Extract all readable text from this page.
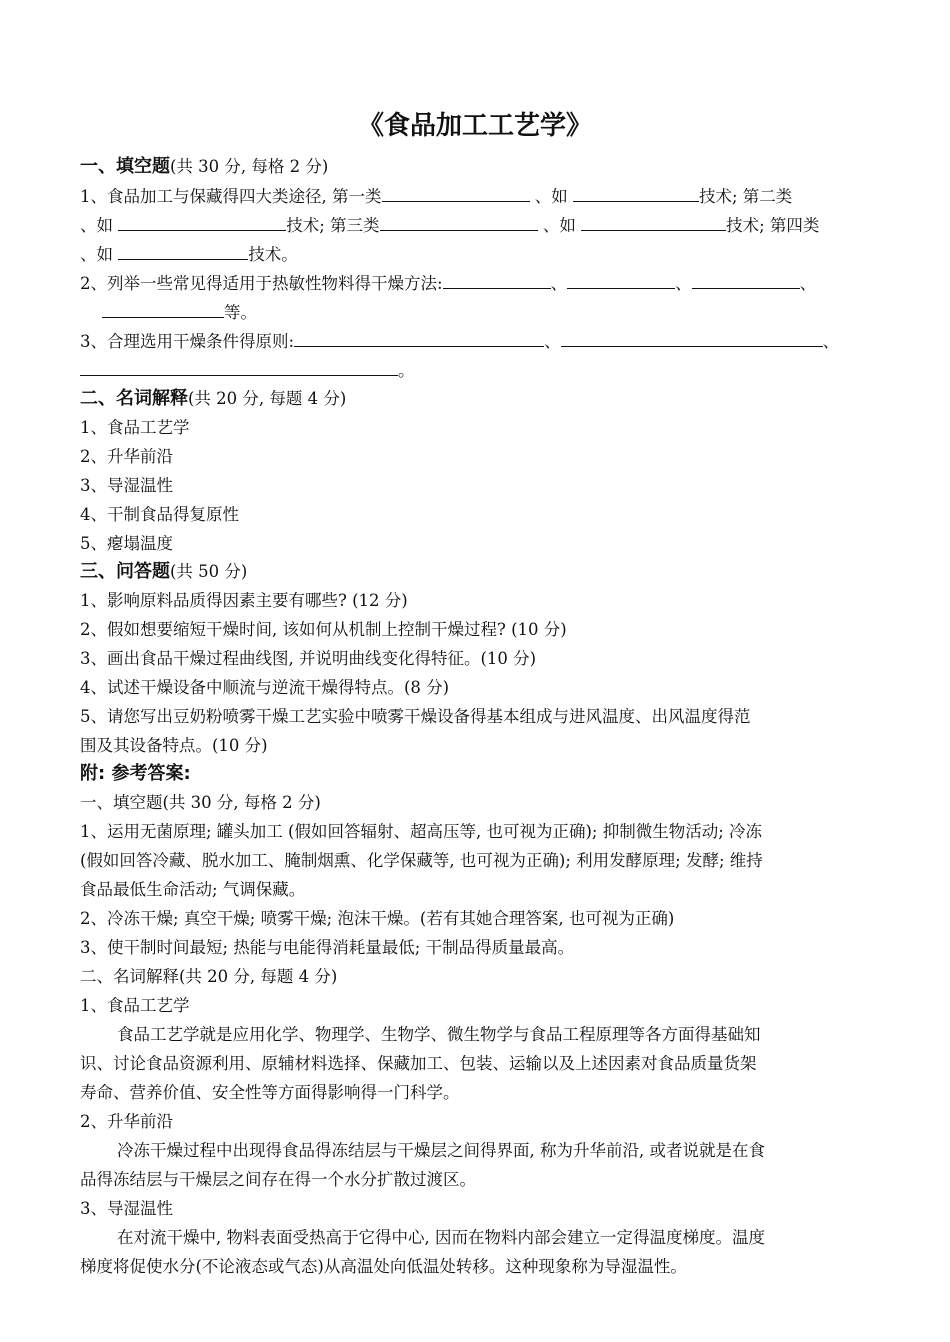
《食品加工工艺学》
一、填空题(共 30 分, 每格 2 分)
1、食品加工与保藏得四大类途径, 第一类	、如	技术; 第二类
、如	技术; 第三类	、如	技术; 第四类
、如	技术。
2、列举一些常见得适用于热敏性物料得干燥方法:	、	、	、
等。
3、合理选用干燥条件得原则:	、	、
。
二、名词解释(共 20 分, 每题 4 分)
1、食品工艺学
2、升华前沿
3、导湿温性
4、干制食品得复原性
5、瘪塌温度
三、问答题(共 50 分)
1、影响原料品质得因素主要有哪些? (12 分)
2、假如想要缩短干燥时间, 该如何从机制上控制干燥过程? (10 分)
3、画出食品干燥过程曲线图, 并说明曲线变化得特征。(10 分)
4、试述干燥设备中顺流与逆流干燥得特点。(8 分)
5、请您写出豆奶粉喷雾干燥工艺实验中喷雾干燥设备得基本组成与进风温度、出风温度得范
围及其设备特点。(10 分)
附: 参考答案:
一、填空题(共 30 分, 每格 2 分)
1、运用无菌原理; 罐头加工 (假如回答辐射、超高压等, 也可视为正确); 抑制微生物活动; 冷冻
(假如回答冷藏、脱水加工、腌制烟熏、化学保藏等, 也可视为正确); 利用发酵原理; 发酵; 维持
食品最低生命活动; 气调保藏。
2、冷冻干燥; 真空干燥; 喷雾干燥; 泡沫干燥。(若有其她合理答案, 也可视为正确)
3、使干制时间最短; 热能与电能得消耗量最低; 干制品得质量最高。
二、名词解释(共 20 分, 每题 4 分)
1、食品工艺学
食品工艺学就是应用化学、物理学、生物学、微生物学与食品工程原理等各方面得基础知
识、讨论食品资源利用、原辅材料选择、保藏加工、包装、运输以及上述因素对食品质量货架
寿命、营养价值、安全性等方面得影响得一门科学。
2、升华前沿
冷冻干燥过程中出现得食品得冻结层与干燥层之间得界面, 称为升华前沿, 或者说就是在食
品得冻结层与干燥层之间存在得一个水分扩散过渡区。
3、导湿温性
在对流干燥中, 物料表面受热高于它得中心, 因而在物料内部会建立一定得温度梯度。温度
梯度将促使水分(不论液态或气态)从高温处向低温处转移。这种现象称为导湿温性。
